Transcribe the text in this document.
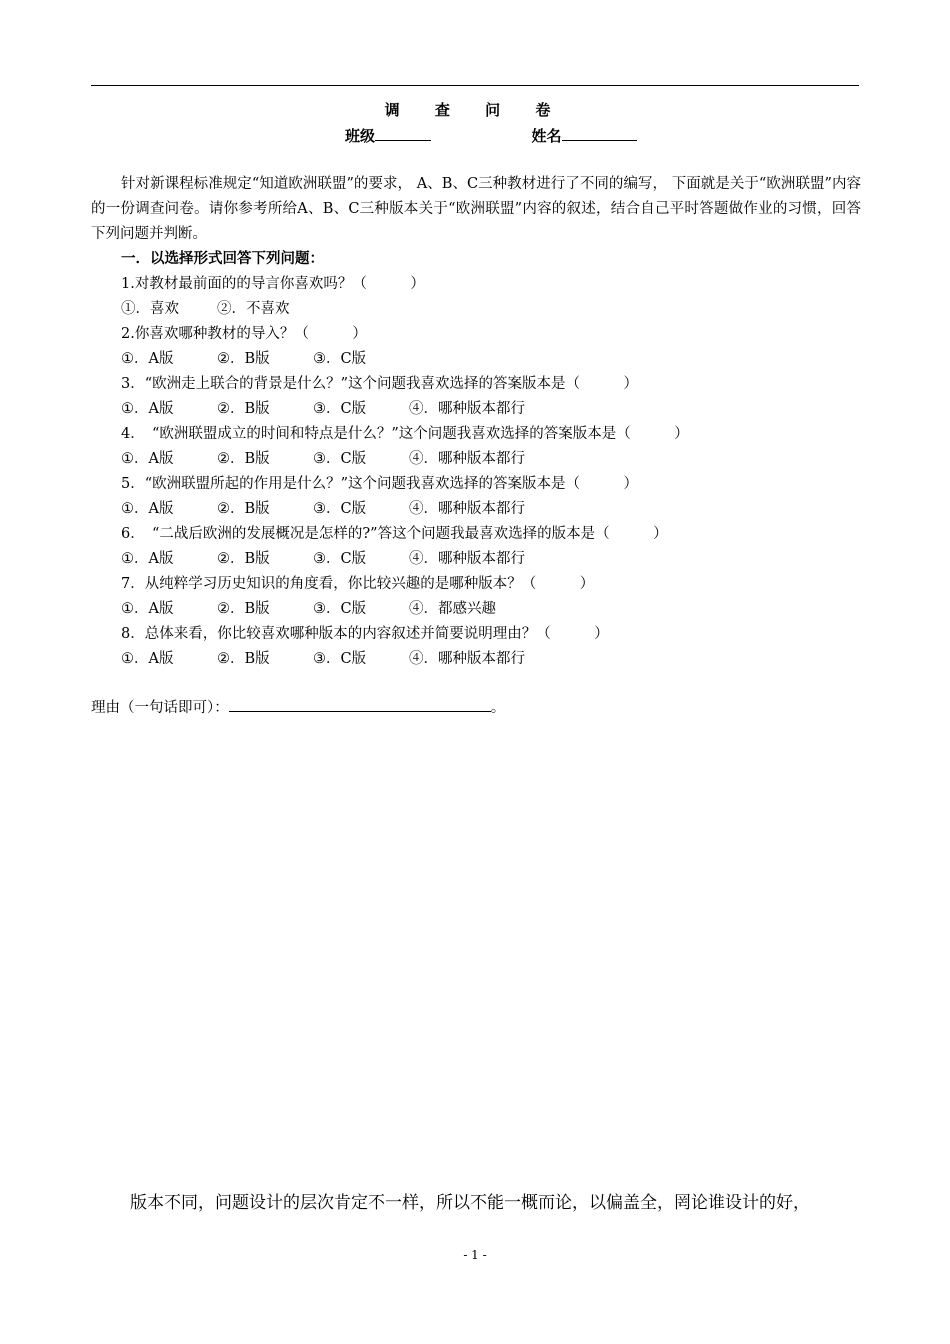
调 查 问 卷
班级	姓名

针对新课程标准规定“知道欧洲联盟”的要求， A、B、C三种教材进行了不同的编写， 下面就是关于“欧洲联盟”内容的一份调查问卷。请你参考所给A、B、C三种版本关于“欧洲联盟”内容的叙述，结合自己平时答题做作业的习惯，回答下列问题并判断。

一．以选择形式回答下列问题：

1.对教材最前面的的导言你喜欢吗？（　　　）

①．喜欢	②．不喜欢

2.你喜欢哪种教材的导入？（　　　）

①．A版	②．B版	③．C版

3．“欧洲走上联合的背景是什么？”这个问题我喜欢选择的答案版本是（　　　）

①．A版	②．B版	③．C版	④．哪种版本都行

4．　“欧洲联盟成立的时间和特点是什么？”这个问题我喜欢选择的答案版本是（　　　）

①．A版	②．B版	③．C版	④．哪种版本都行

5．“欧洲联盟所起的作用是什么？”这个问题我喜欢选择的答案版本是（　　　）

①．A版	②．B版	③．C版	④．哪种版本都行

6．　“二战后欧洲的发展概况是怎样的?”答这个问题我最喜欢选择的版本是（　　　）

①．A版	②．B版	③．C版	④．哪种版本都行

7．从纯粹学习历史知识的角度看，你比较兴趣的是哪种版本？（　　　）

①．A版	②．B版	③．C版	④．都感兴趣

8．总体来看，你比较喜欢哪种版本的内容叙述并简要说明理由？（　　　）

①．A版	②．B版	③．C版	④．哪种版本都行

理由（一句话即可）：	。
版本不同，问题设计的层次肯定不一样，所以不能一概而论，以偏盖全，罔论谁设计的好，
- 1 -
